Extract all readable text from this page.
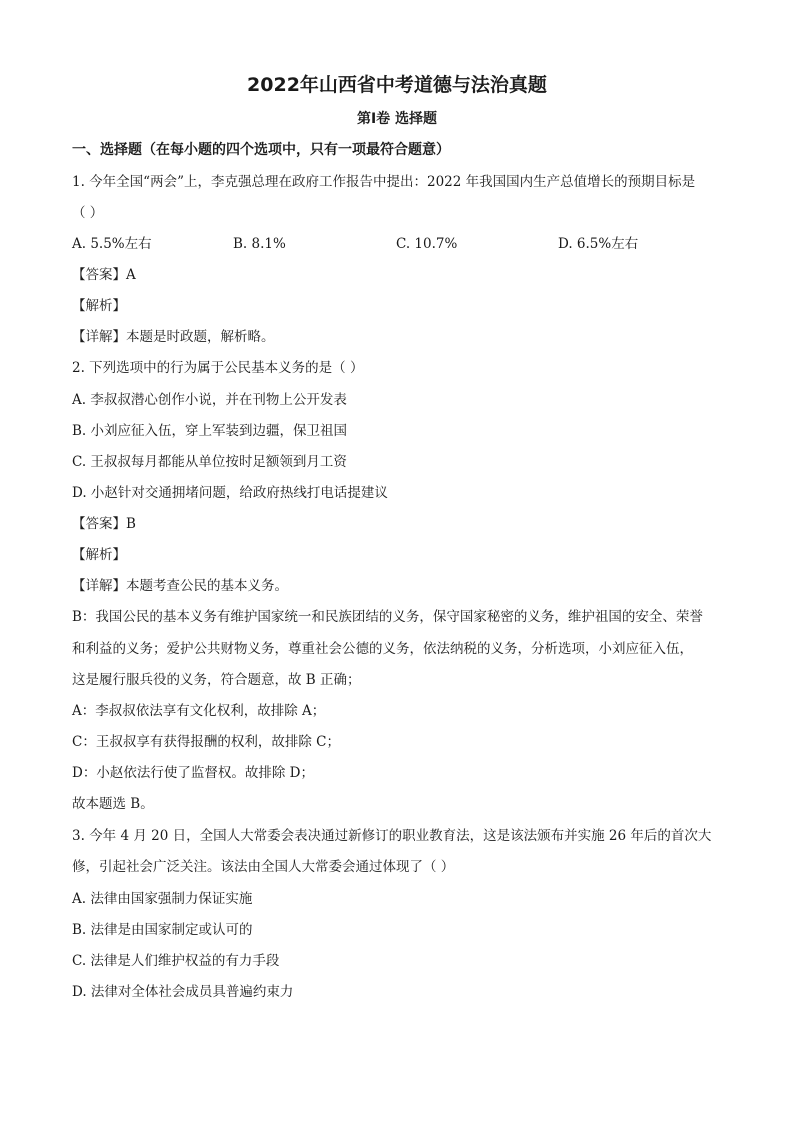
2022年山西省中考道德与法治真题
第Ⅰ卷 选择题
一、选择题（在每小题的四个选项中，只有一项最符合题意）
1. 今年全国“两会”上，李克强总理在政府工作报告中提出：2022 年我国国内生产总值增长的预期目标是
（ ）
A. 5.5%左右	B. 8.1%	C. 10.7%	D. 6.5%左右
【答案】A
【解析】
【详解】本题是时政题，解析略。
2. 下列选项中的行为属于公民基本义务的是（ ）
A. 李叔叔潜心创作小说，并在刊物上公开发表
B. 小刘应征入伍，穿上军装到边疆，保卫祖国
C. 王叔叔每月都能从单位按时足额领到月工资
D. 小赵针对交通拥堵问题，给政府热线打电话提建议
【答案】B
【解析】
【详解】本题考查公民的基本义务。
B：我国公民的基本义务有维护国家统一和民族团结的义务，保守国家秘密的义务，维护祖国的安全、荣誉
和利益的义务；爱护公共财物义务，尊重社会公德的义务，依法纳税的义务，分析选项，小刘应征入伍，
这是履行服兵役的义务，符合题意，故 B 正确；
A：李叔叔依法享有文化权利，故排除 A；
C：王叔叔享有获得报酬的权利，故排除 C；
D：小赵依法行使了监督权。故排除 D；
故本题选 B。
3. 今年 4 月 20 日，全国人大常委会表决通过新修订的职业教育法，这是该法颁布并实施 26 年后的首次大
修，引起社会广泛关注。该法由全国人大常委会通过体现了（ ）
A. 法律由国家强制力保证实施
B. 法律是由国家制定或认可的
C. 法律是人们维护权益的有力手段
D. 法律对全体社会成员具普遍约束力
